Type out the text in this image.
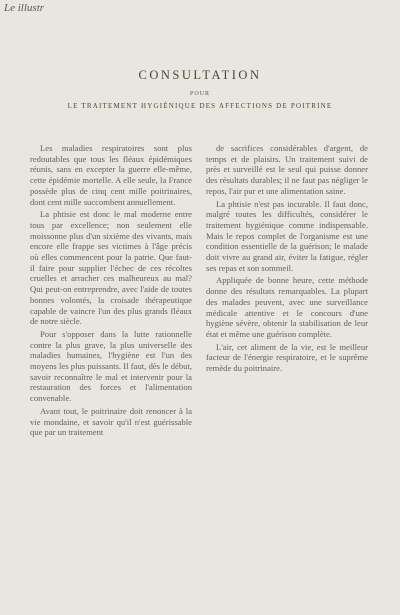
Le illustr
CONSULTATION
POUR
LE TRAITEMENT HYGIÉNIQUE DES AFFECTIONS DE POITRINE

Les maladies respiratoires sont plus redoutables que tous les fléaux épidémiques réunis, sans en excepter la guerre elle-même, cette épidémie mortelle. A elle seule, la France possède plus de cinq cent mille poitrinaires, dont cent mille succombent annuellement.

La phtisie est donc le mal moderne entre tous par excellence; non seulement elle moissonne plus d'un sixième des vivants, mais encore elle frappe ses victimes à l'âge précis où elles commencent pour la patrie. Que faut-il faire pour supplier l'échec de ces récoltes cruelles et arracher ces malheureux au mal? Qui peut-on entreprendre, avec l'aide de toutes bonnes volontés, la croisade thérapeutique capable de vaincre l'un des plus grands fléaux de notre siècle.

Pour s'opposer dans la lutte rationnelle contre la plus grave, la plus universelle des maladies humaines, l'hygiène est l'un des moyens les plus puissants. Il faut, dès le début, savoir reconnaître le mal et intervenir pour la restauration des forces et l'alimentation convenable.

Avant tout, le poitrinaire doit renoncer à la vie mondaine, et savoir qu'il n'est guérissable que par un traitement

de sacrifices considérables d'argent, de temps et de plaisirs. Un traitement suivi de près et surveillé est le seul qui puisse donner des résultats durables; il ne faut pas négliger le repos, l'air pur et une alimentation saine.

La phtisie n'est pas incurable. Il faut donc, malgré toutes les difficultés, considérer le traitement hygiénique comme indispensable. Mais le repos complet de l'organisme est une condition essentielle de la guérison; le malade doit vivre au grand air, éviter la fatigue, régler ses repas et son sommeil.

Appliquée de bonne heure, cette méthode donne des résultats remarquables. La plupart des malades peuvent, avec une surveillance médicale attentive et le concours d'une hygiène sévère, obtenir la stabilisation de leur état et même une guérison complète.

L'air, cet aliment de la vie, est le meilleur facteur de l'énergie respiratoire, et le suprême remède du poitrinaire.
